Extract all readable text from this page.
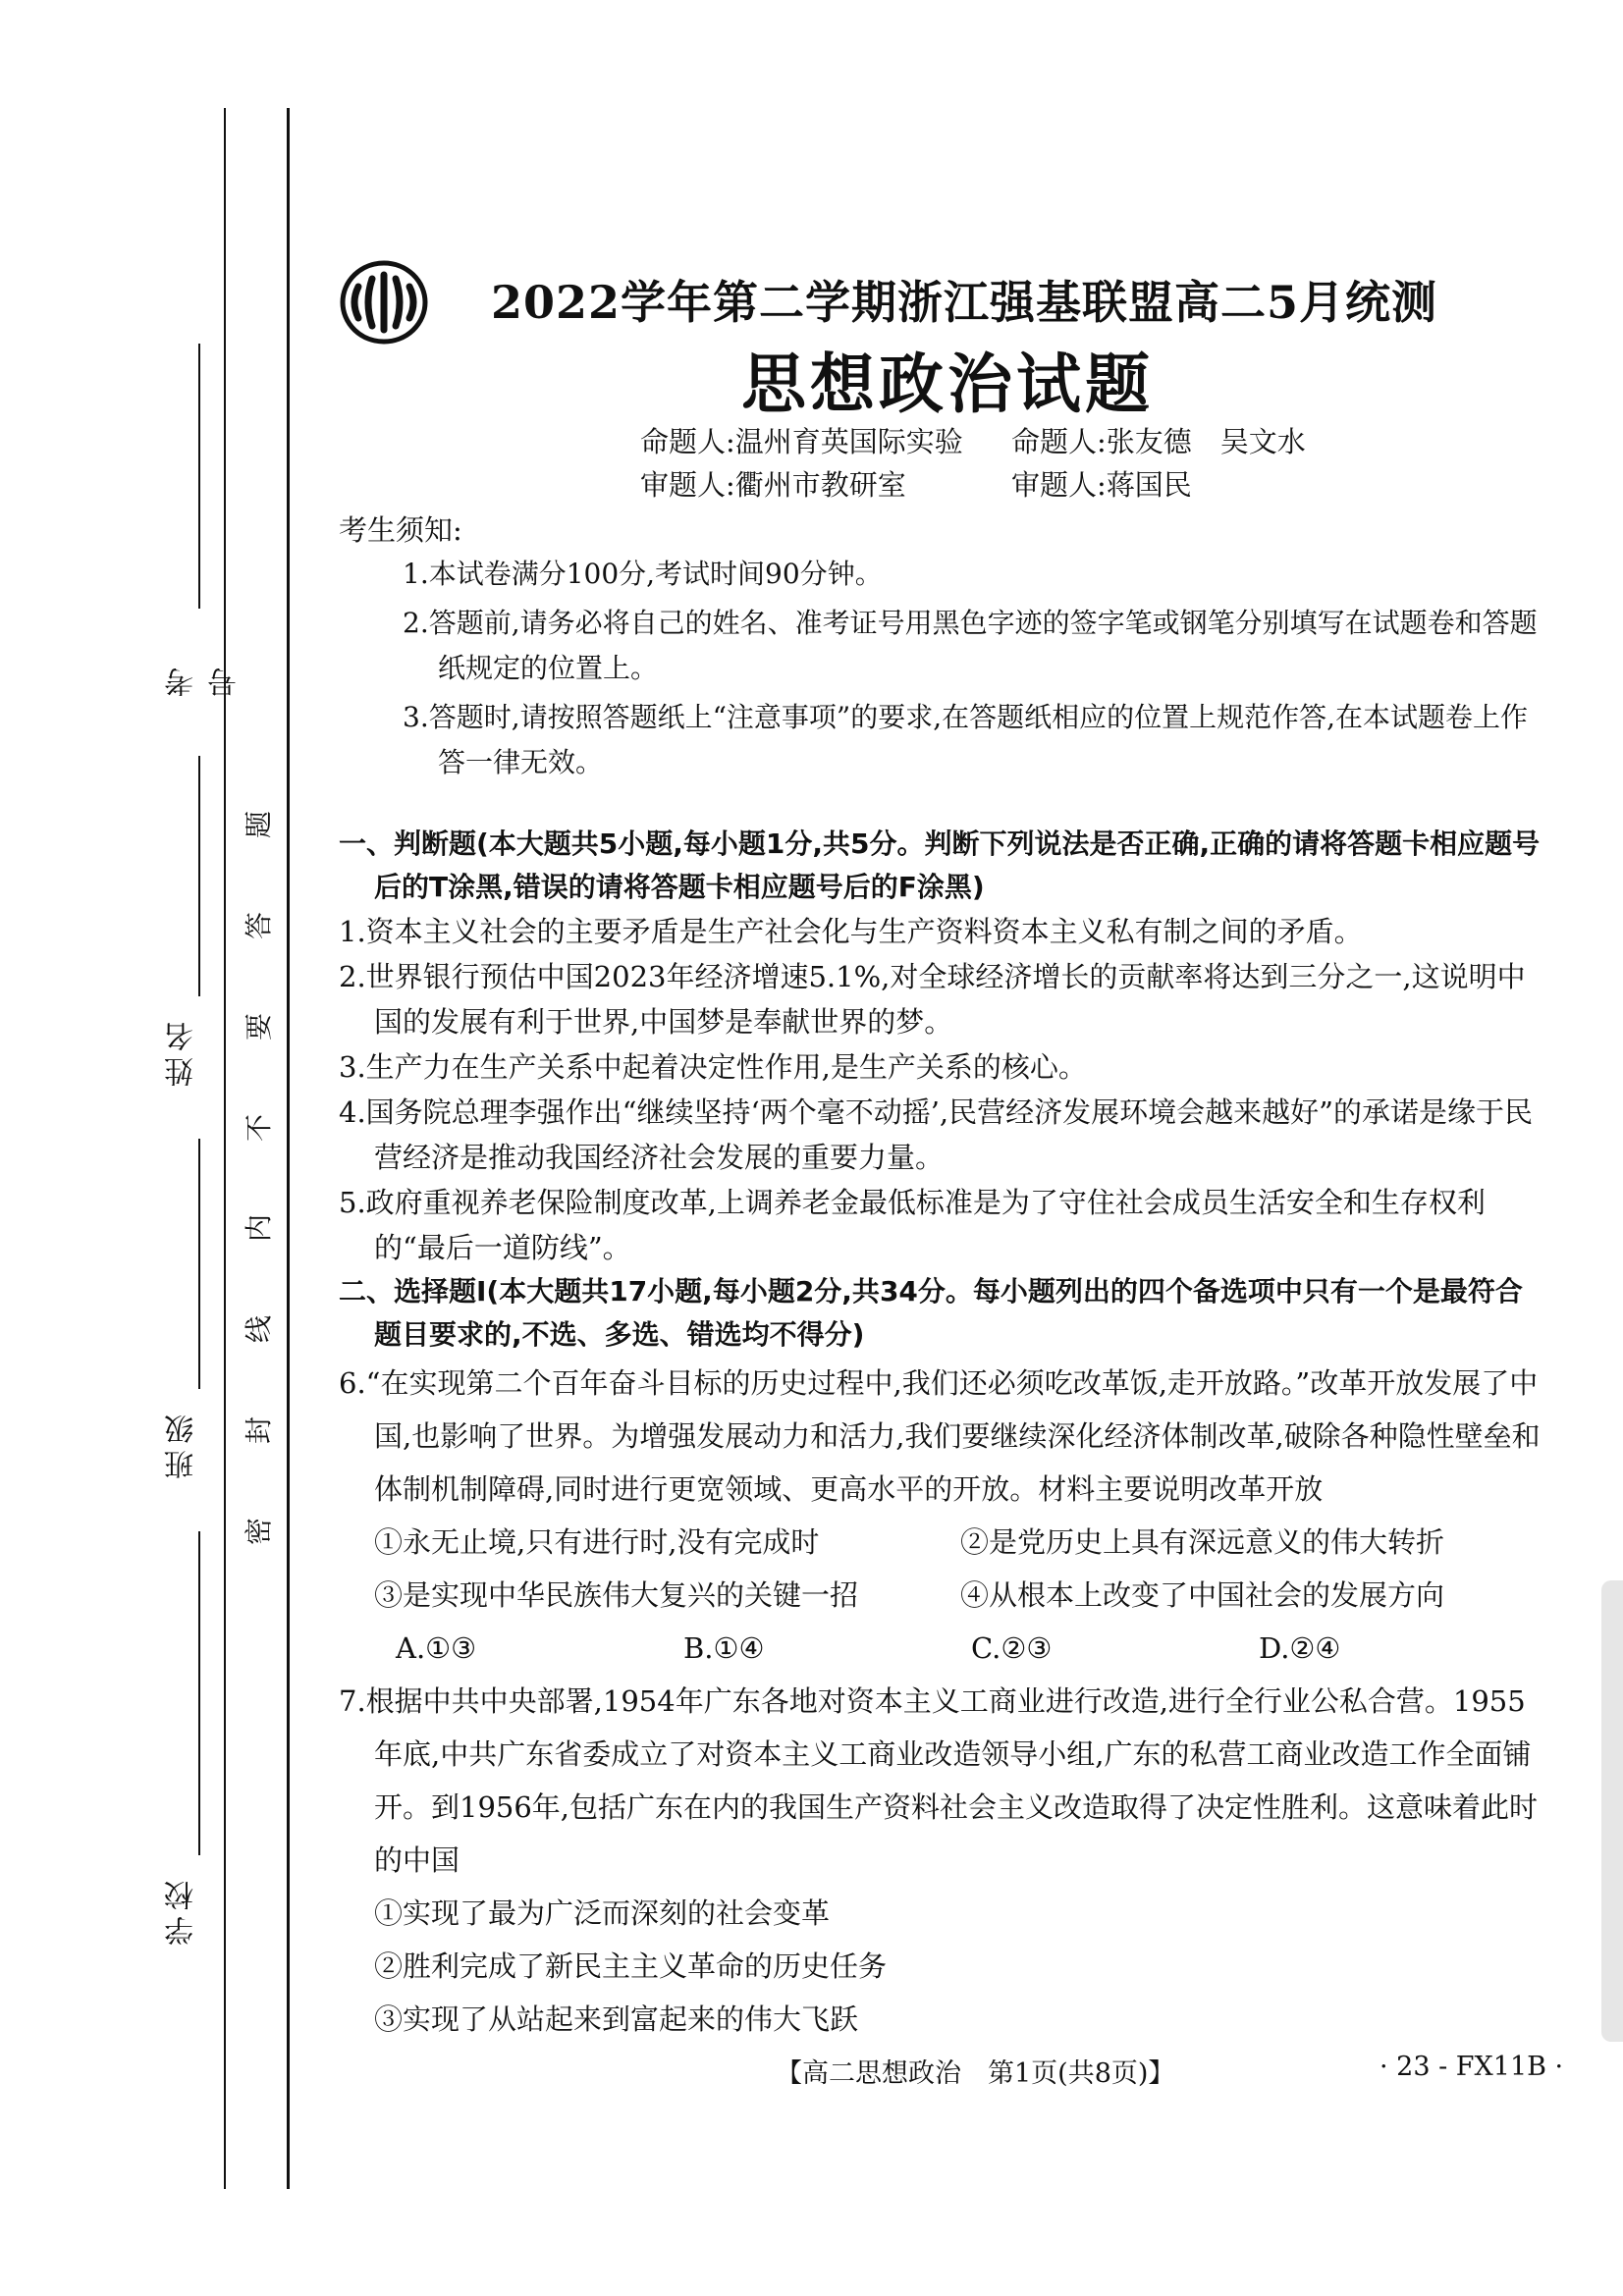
考号
姓名
班级
学校
题
答
要
不
内
线
封
密
2022学年第二学期浙江强基联盟高二5月统测
思想政治试题
命题人:温州育英国际实验 命题人:张友德　吴文水
审题人:衢州市教研室	审题人:蒋国民
考生须知:
1.本试卷满分100分,考试时间90分钟。
2.答题前,请务必将自己的姓名、准考证号用黑色字迹的签字笔或钢笔分别填写在试题卷和答题纸规定的位置上。
3.答题时,请按照答题纸上“注意事项”的要求,在答题纸相应的位置上规范作答,在本试题卷上作答一律无效。
一、判断题(本大题共5小题,每小题1分,共5分。判断下列说法是否正确,正确的请将答题卡相应题号后的T涂黑,错误的请将答题卡相应题号后的F涂黑)
1.资本主义社会的主要矛盾是生产社会化与生产资料资本主义私有制之间的矛盾。
2.世界银行预估中国2023年经济增速5.1%,对全球经济增长的贡献率将达到三分之一,这说明中国的发展有利于世界,中国梦是奉献世界的梦。
3.生产力在生产关系中起着决定性作用,是生产关系的核心。
4.国务院总理李强作出“继续坚持‘两个毫不动摇’,民营经济发展环境会越来越好”的承诺是缘于民营经济是推动我国经济社会发展的重要力量。
5.政府重视养老保险制度改革,上调养老金最低标准是为了守住社会成员生活安全和生存权利的“最后一道防线”。
二、选择题Ⅰ(本大题共17小题,每小题2分,共34分。每小题列出的四个备选项中只有一个是最符合题目要求的,不选、多选、错选均不得分)
6.“在实现第二个百年奋斗目标的历史过程中,我们还必须吃改革饭,走开放路。”改革开放发展了中国,也影响了世界。为增强发展动力和活力,我们要继续深化经济体制改革,破除各种隐性壁垒和体制机制障碍,同时进行更宽领域、更高水平的开放。材料主要说明改革开放
①永无止境,只有进行时,没有完成时	②是党历史上具有深远意义的伟大转折
③是实现中华民族伟大复兴的关键一招	④从根本上改变了中国社会的发展方向
A.①③	B.①④	C.②③	D.②④
7.根据中共中央部署,1954年广东各地对资本主义工商业进行改造,进行全行业公私合营。1955年底,中共广东省委成立了对资本主义工商业改造领导小组,广东的私营工商业改造工作全面铺开。到1956年,包括广东在内的我国生产资料社会主义改造取得了决定性胜利。这意味着此时的中国
①实现了最为广泛而深刻的社会变革
②胜利完成了新民主主义革命的历史任务
③实现了从站起来到富起来的伟大飞跃
【高二思想政治　第1页(共8页)】	· 23 - FX11B ·
